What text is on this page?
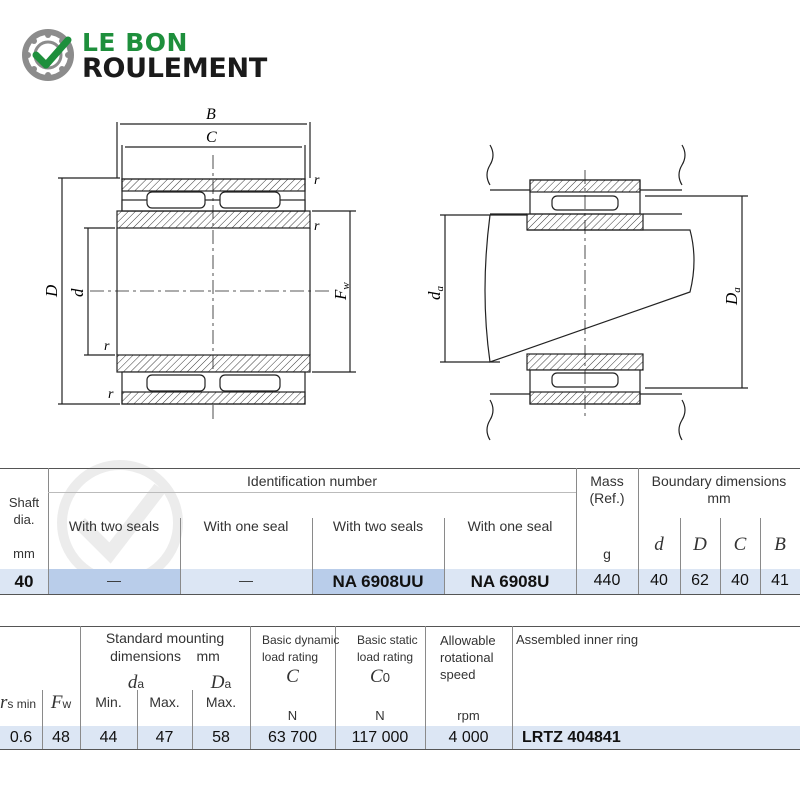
LE BON
ROULEMENT
B
C
r
r
r
r
D d	Fw
da
Da
Shaft
dia.
mm
Identification number
With two seals	With one seal	With two seals	With one seal
Mass
(Ref.)
g
Boundary dimensions
mm
d	D	C	B
40	—	—	NA 6908UU	NA 6908U	440	40	62	40	41
rs min Fw
Standard mounting
dimensions    mm
da
Min.	Max.
Da
Max.
Basic dynamic
load rating
C
N
Basic static
load rating
C0
N
Allowable
rotational
speed
rpm
Assembled inner ring
0.6	48	44	47	58	63 700	117 000	4 000	LRTZ 404841
